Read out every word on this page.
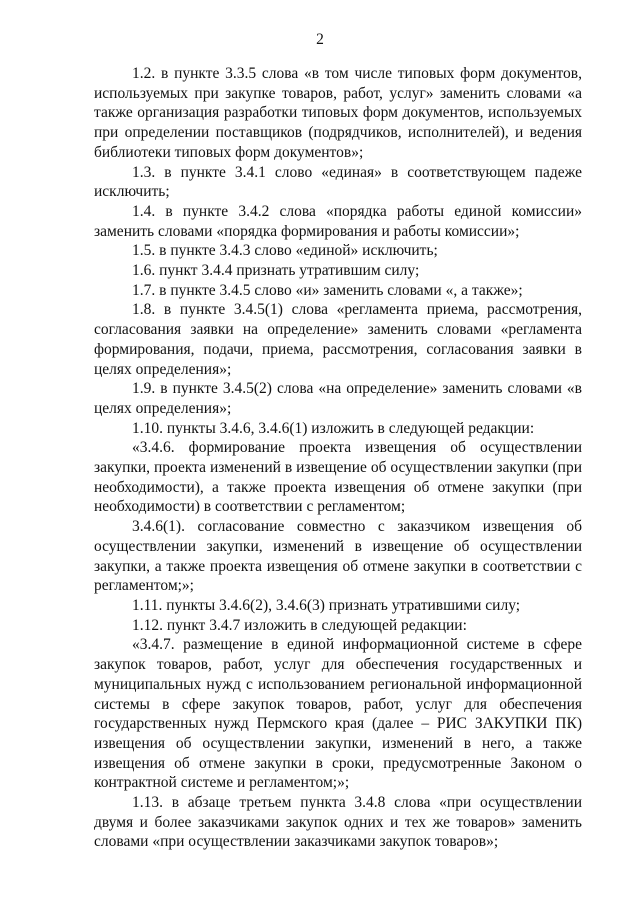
2

1.2. в пункте 3.3.5 слова «в том числе типовых форм документов, используемых при закупке товаров, работ, услуг» заменить словами «а также организация разработки типовых форм документов, используемых при определении поставщиков (подрядчиков, исполнителей), и ведения библиотеки типовых форм документов»;

1.3. в пункте 3.4.1 слово «единая» в соответствующем падеже исключить;

1.4. в пункте 3.4.2 слова «порядка работы единой комиссии» заменить словами «порядка формирования и работы комиссии»;

1.5. в пункте 3.4.3 слово «единой» исключить;

1.6. пункт 3.4.4 признать утратившим силу;

1.7. в пункте 3.4.5 слово «и» заменить словами «, а также»;

1.8. в пункте 3.4.5(1) слова «регламента приема, рассмотрения, согласования заявки на определение» заменить словами «регламента формирования, подачи, приема, рассмотрения, согласования заявки в целях определения»;

1.9. в пункте 3.4.5(2) слова «на определение» заменить словами «в целях определения»;

1.10. пункты 3.4.6, 3.4.6(1) изложить в следующей редакции:

«3.4.6. формирование проекта извещения об осуществлении закупки, проекта изменений в извещение об осуществлении закупки (при необходимости), а также проекта извещения об отмене закупки (при необходимости) в соответствии с регламентом;

3.4.6(1). согласование совместно с заказчиком извещения об осуществлении закупки, изменений в извещение об осуществлении закупки, а также проекта извещения об отмене закупки в соответствии с регламентом;»;

1.11. пункты 3.4.6(2), 3.4.6(3) признать утратившими силу;

1.12. пункт 3.4.7 изложить в следующей редакции:

«3.4.7. размещение в единой информационной системе в сфере закупок товаров, работ, услуг для обеспечения государственных и муниципальных нужд с использованием региональной информационной системы в сфере закупок товаров, работ, услуг для обеспечения государственных нужд Пермского края (далее – РИС ЗАКУПКИ ПК) извещения об осуществлении закупки, изменений в него, а также извещения об отмене закупки в сроки, предусмотренные Законом о контрактной системе и регламентом;»;

1.13. в абзаце третьем пункта 3.4.8 слова «при осуществлении двумя и более заказчиками закупок одних и тех же товаров» заменить словами «при осуществлении заказчиками закупок товаров»;
